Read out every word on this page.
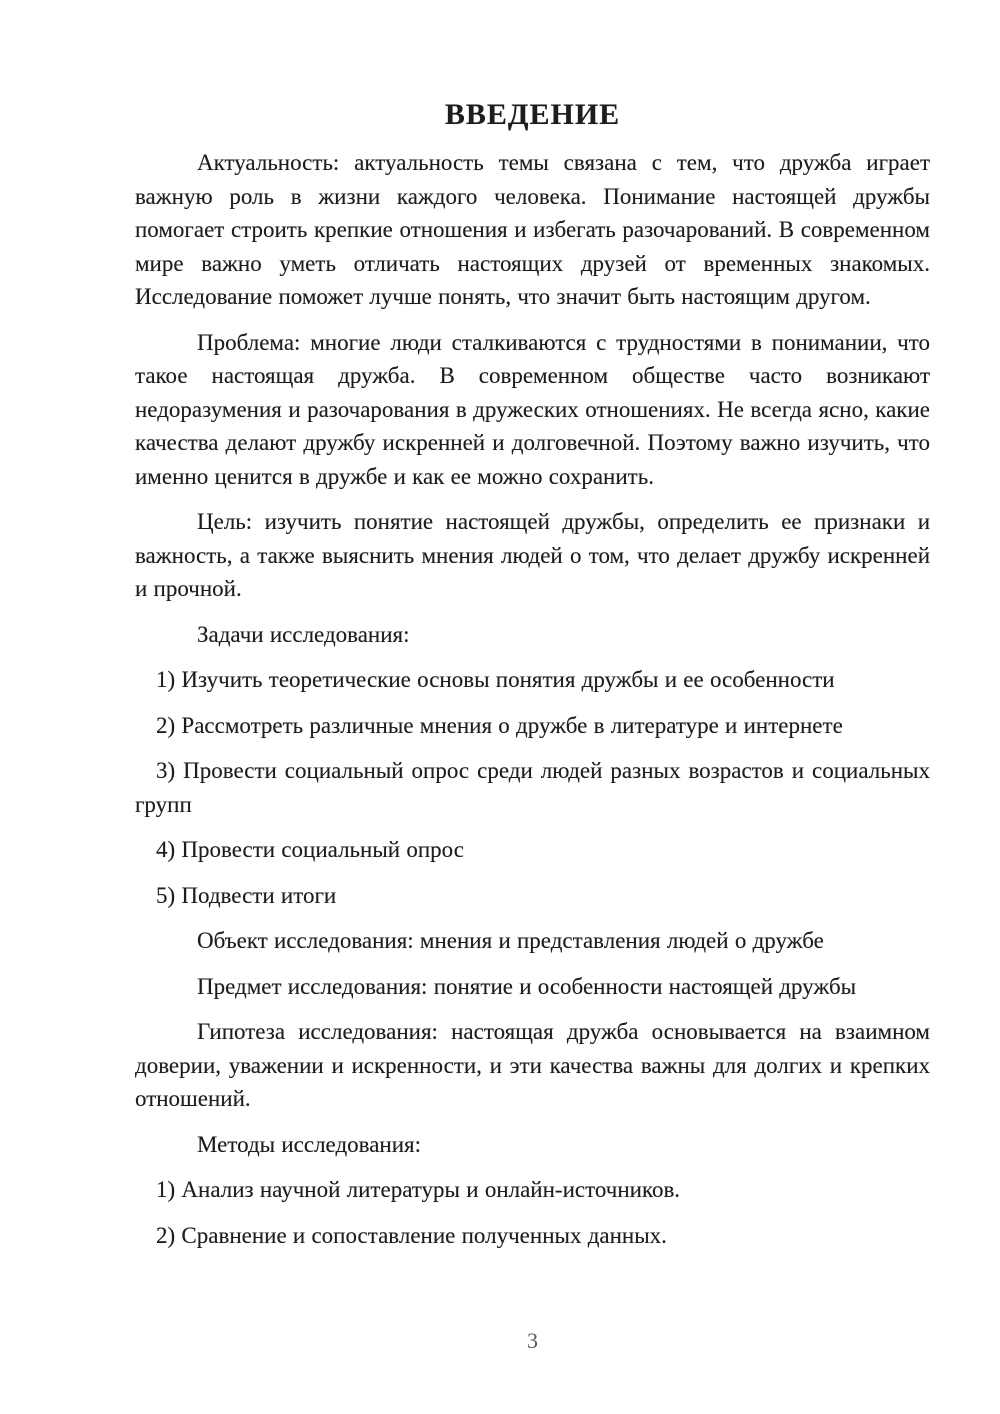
ВВЕДЕНИЕ

Актуальность: актуальность темы связана с тем, что дружба играет важную роль в жизни каждого человека. Понимание настоящей дружбы помогает строить крепкие отношения и избегать разочарований. В современном мире важно уметь отличать настоящих друзей от временных знакомых. Исследование поможет лучше понять, что значит быть настоящим другом.

Проблема: многие люди сталкиваются с трудностями в понимании, что такое настоящая дружба. В современном обществе часто возникают недоразумения и разочарования в дружеских отношениях. Не всегда ясно, какие качества делают дружбу искренней и долговечной. Поэтому важно изучить, что именно ценится в дружбе и как ее можно сохранить.

Цель: изучить понятие настоящей дружбы, определить ее признаки и важность, а также выяснить мнения людей о том, что делает дружбу искренней и прочной.

Задачи исследования:

1) Изучить теоретические основы понятия дружбы и ее особенности

2) Рассмотреть различные мнения о дружбе в литературе и интернете

3) Провести социальный опрос среди людей разных возрастов и социальных групп

4) Провести социальный опрос

5) Подвести итоги

Объект исследования: мнения и представления людей о дружбе

Предмет исследования: понятие и особенности настоящей дружбы

Гипотеза исследования: настоящая дружба основывается на взаимном доверии, уважении и искренности, и эти качества важны для долгих и крепких отношений.

Методы исследования:

1) Анализ научной литературы и онлайн-источников.

2) Сравнение и сопоставление полученных данных.

3
